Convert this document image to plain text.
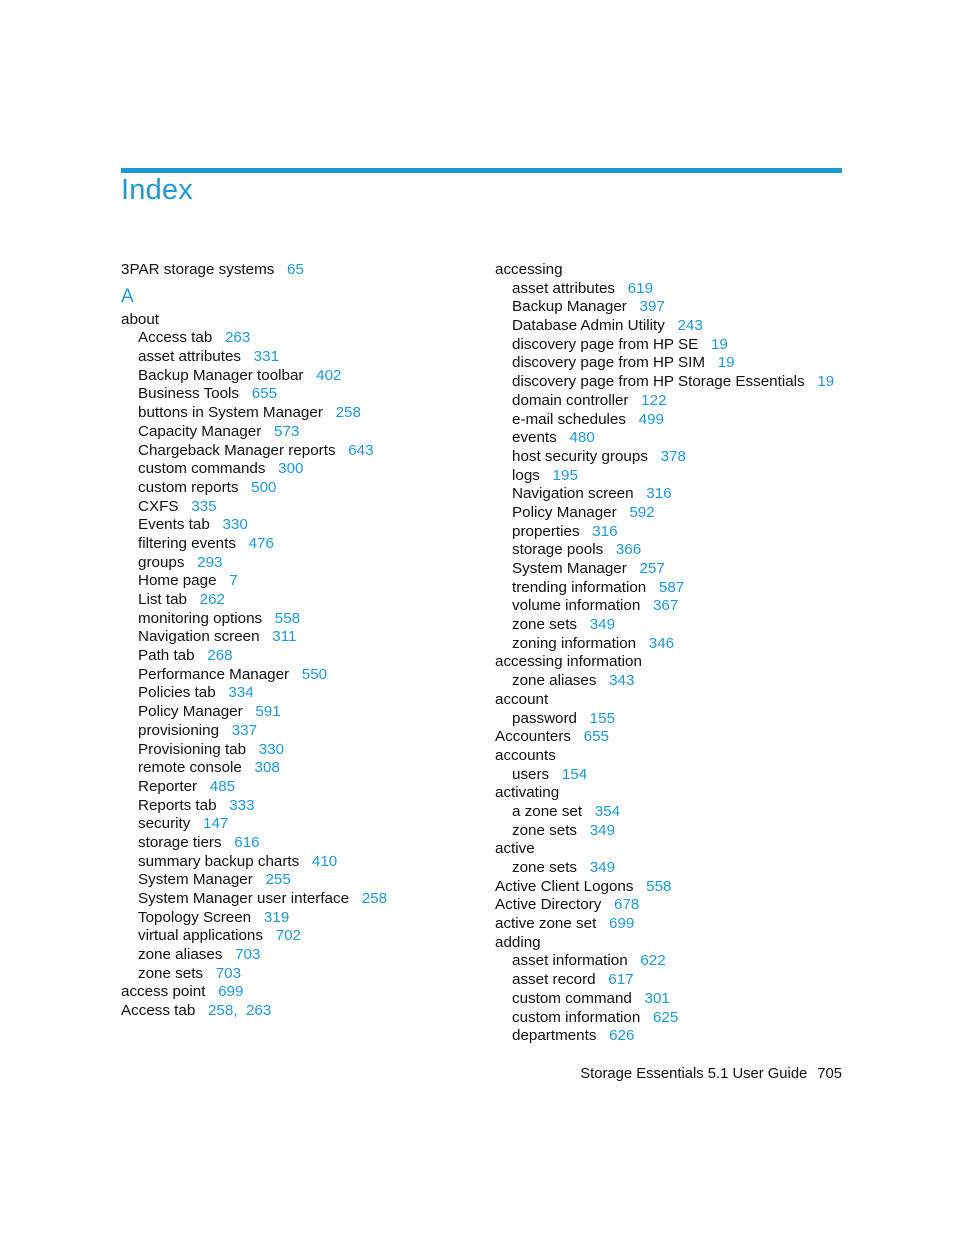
Index
3PAR storage systems 65
A
about
Access tab 263
asset attributes 331
Backup Manager toolbar 402
Business Tools 655
buttons in System Manager 258
Capacity Manager 573
Chargeback Manager reports 643
custom commands 300
custom reports 500
CXFS 335
Events tab 330
filtering events 476
groups 293
Home page 7
List tab 262
monitoring options 558
Navigation screen 311
Path tab 268
Performance Manager 550
Policies tab 334
Policy Manager 591
provisioning 337
Provisioning tab 330
remote console 308
Reporter 485
Reports tab 333
security 147
storage tiers 616
summary backup charts 410
System Manager 255
System Manager user interface 258
Topology Screen 319
virtual applications 702
zone aliases 703
zone sets 703
access point 699
Access tab 258,  263
accessing
asset attributes 619
Backup Manager 397
Database Admin Utility 243
discovery page from HP SE 19
discovery page from HP SIM 19
discovery page from HP Storage Essentials 19
domain controller 122
e-mail schedules 499
events 480
host security groups 378
logs 195
Navigation screen 316
Policy Manager 592
properties 316
storage pools 366
System Manager 257
trending information 587
volume information 367
zone sets 349
zoning information 346
accessing information
zone aliases 343
account
password 155
Accounters 655
accounts
users 154
activating
a zone set 354
zone sets 349
active
zone sets 349
Active Client Logons 558
Active Directory 678
active zone set 699
adding
asset information 622
asset record 617
custom command 301
custom information 625
departments 626
Storage Essentials 5.1 User Guide 705
